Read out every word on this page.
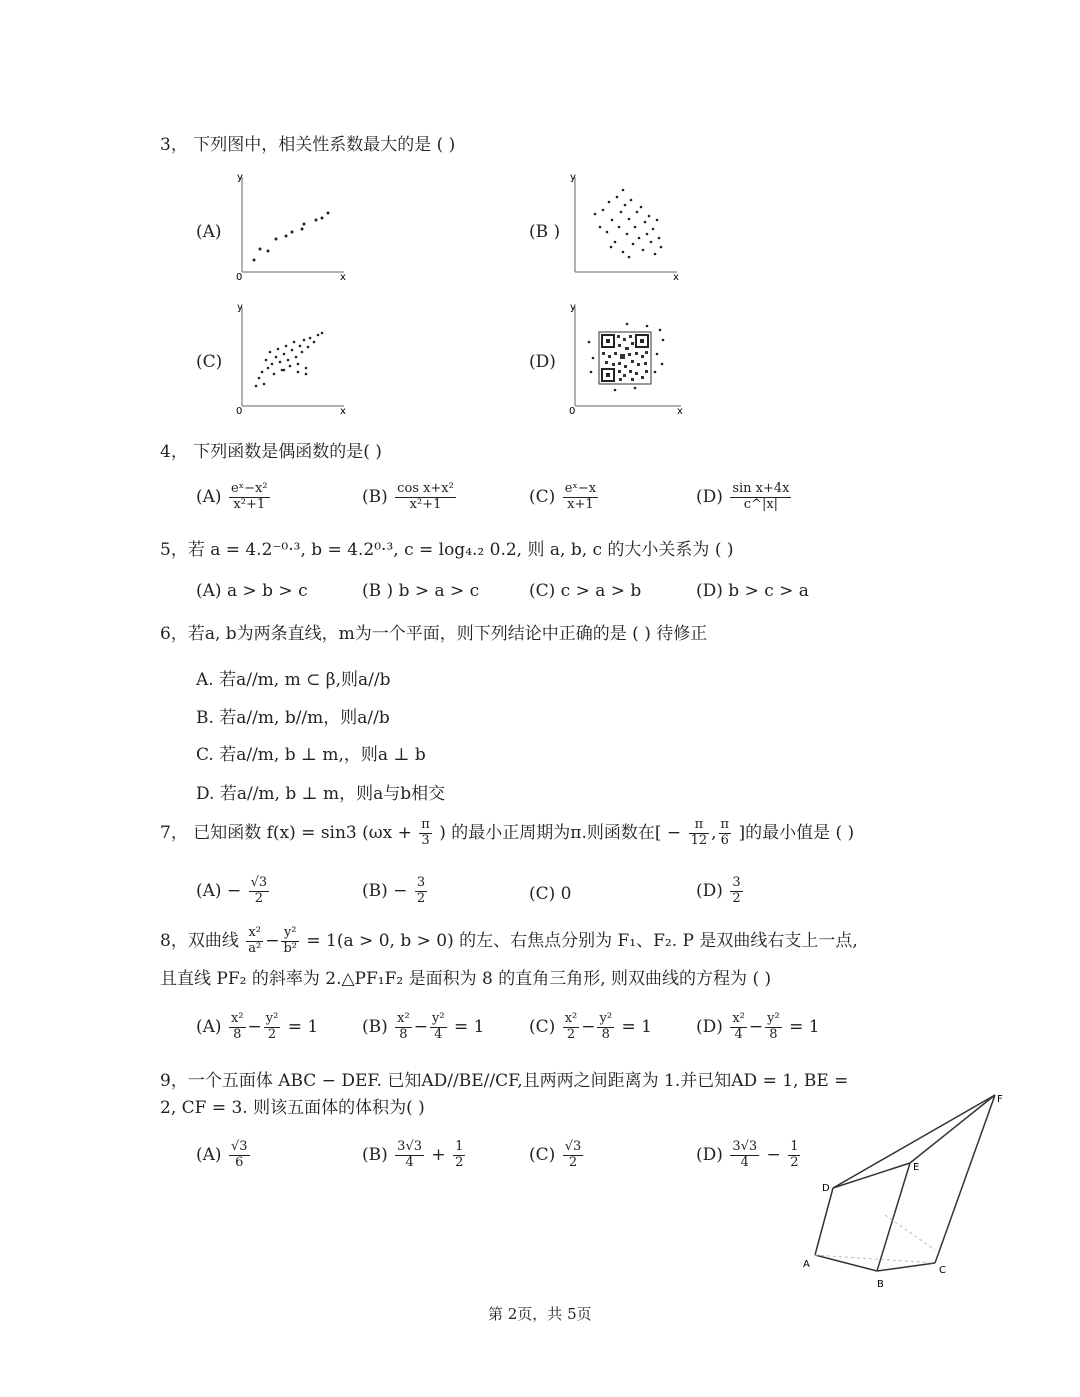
3， 下列图中，相关性系数最大的是 ( )
(A)	(B )
(C)	(D)
0
y
x
y
x
0
y
x	0
y
x
4， 下列函数是偶函数的是( )
$(A) \frac{\text{eˣ−x²}}{\text{x²+1}}$	$(B) \frac{\text{cos x+x²}}{\text{x²+1}}$	$(C) \frac{\text{eˣ−x}}{x+1}$	$(D) \frac{\text{sin x+4x}}{c\^{}|x|}$
5，若 a = 4.2⁻⁰·³, b = 4.2⁰·³, c = log₄.₂ 0.2, 则 a, b, c 的大小关系为 ( )
(A) a > b > c	(B ) b > a > c	(C) c > a > b	(D) b > c > a
6，若a, b为两条直线，m为一个平面，则下列结论中正确的是 ( ) 待修正
A. 若a//m, m ⊂ β,则a//b
B. 若a//m, b//m，则a//b
C. 若a//m, b ⊥ m,，则a ⊥ b
D. 若a//m, b ⊥ m，则a与b相交
7， 已知函数 f(x) = sin3 ($\omega x + \frac{\pi}{3}$ ) 的最小正周期为π.则函数在[ − $\frac{\pi}{12}$ , $\frac{\pi}{6}$ ]的最小值是 ( )
$(A) - \frac{√3}{2}$	$(B) - \frac{3}{2}$	(C) 0	$(D) \frac{3}{2}$
8，双曲线 $\frac{\text{x²}}{\text{a²}} - \frac{\text{y²}}{\text{b²}} = 1(a > 0$, b > 0) 的左、右焦点分别为 F₁、F₂. P 是双曲线右支上一点,
且直线 PF₂ 的斜率为 2.△PF₁F₂ 是面积为 8 的直角三角形, 则双曲线的方程为 ( )
$(A) \frac{\text{x²}}{8} - \frac{\text{y²}}{2} = 1$	$(B) \frac{\text{x²}}{8} - \frac{\text{y²}}{4} = 1$	$(C) \frac{\text{x²}}{2} - \frac{\text{y²}}{8} = 1$	$(D) \frac{\text{x²}}{4} - \frac{\text{y²}}{8} = 1$
9，一个五面体 ABC − DEF. 已知AD//BE//CF,且两两之间距离为 1.并已知AD = 1, BE =
2, CF = 3. 则该五面体的体积为( )
$(A) \frac{√3}{6}$	$(B) \frac{3√3}{4} + \frac{1}{2}$	$(C) \frac{√3}{2}$	$(D) \frac{3√3}{4} - \frac{1}{2}$
D
E
F
A
B
C
第 2页，共 5页
